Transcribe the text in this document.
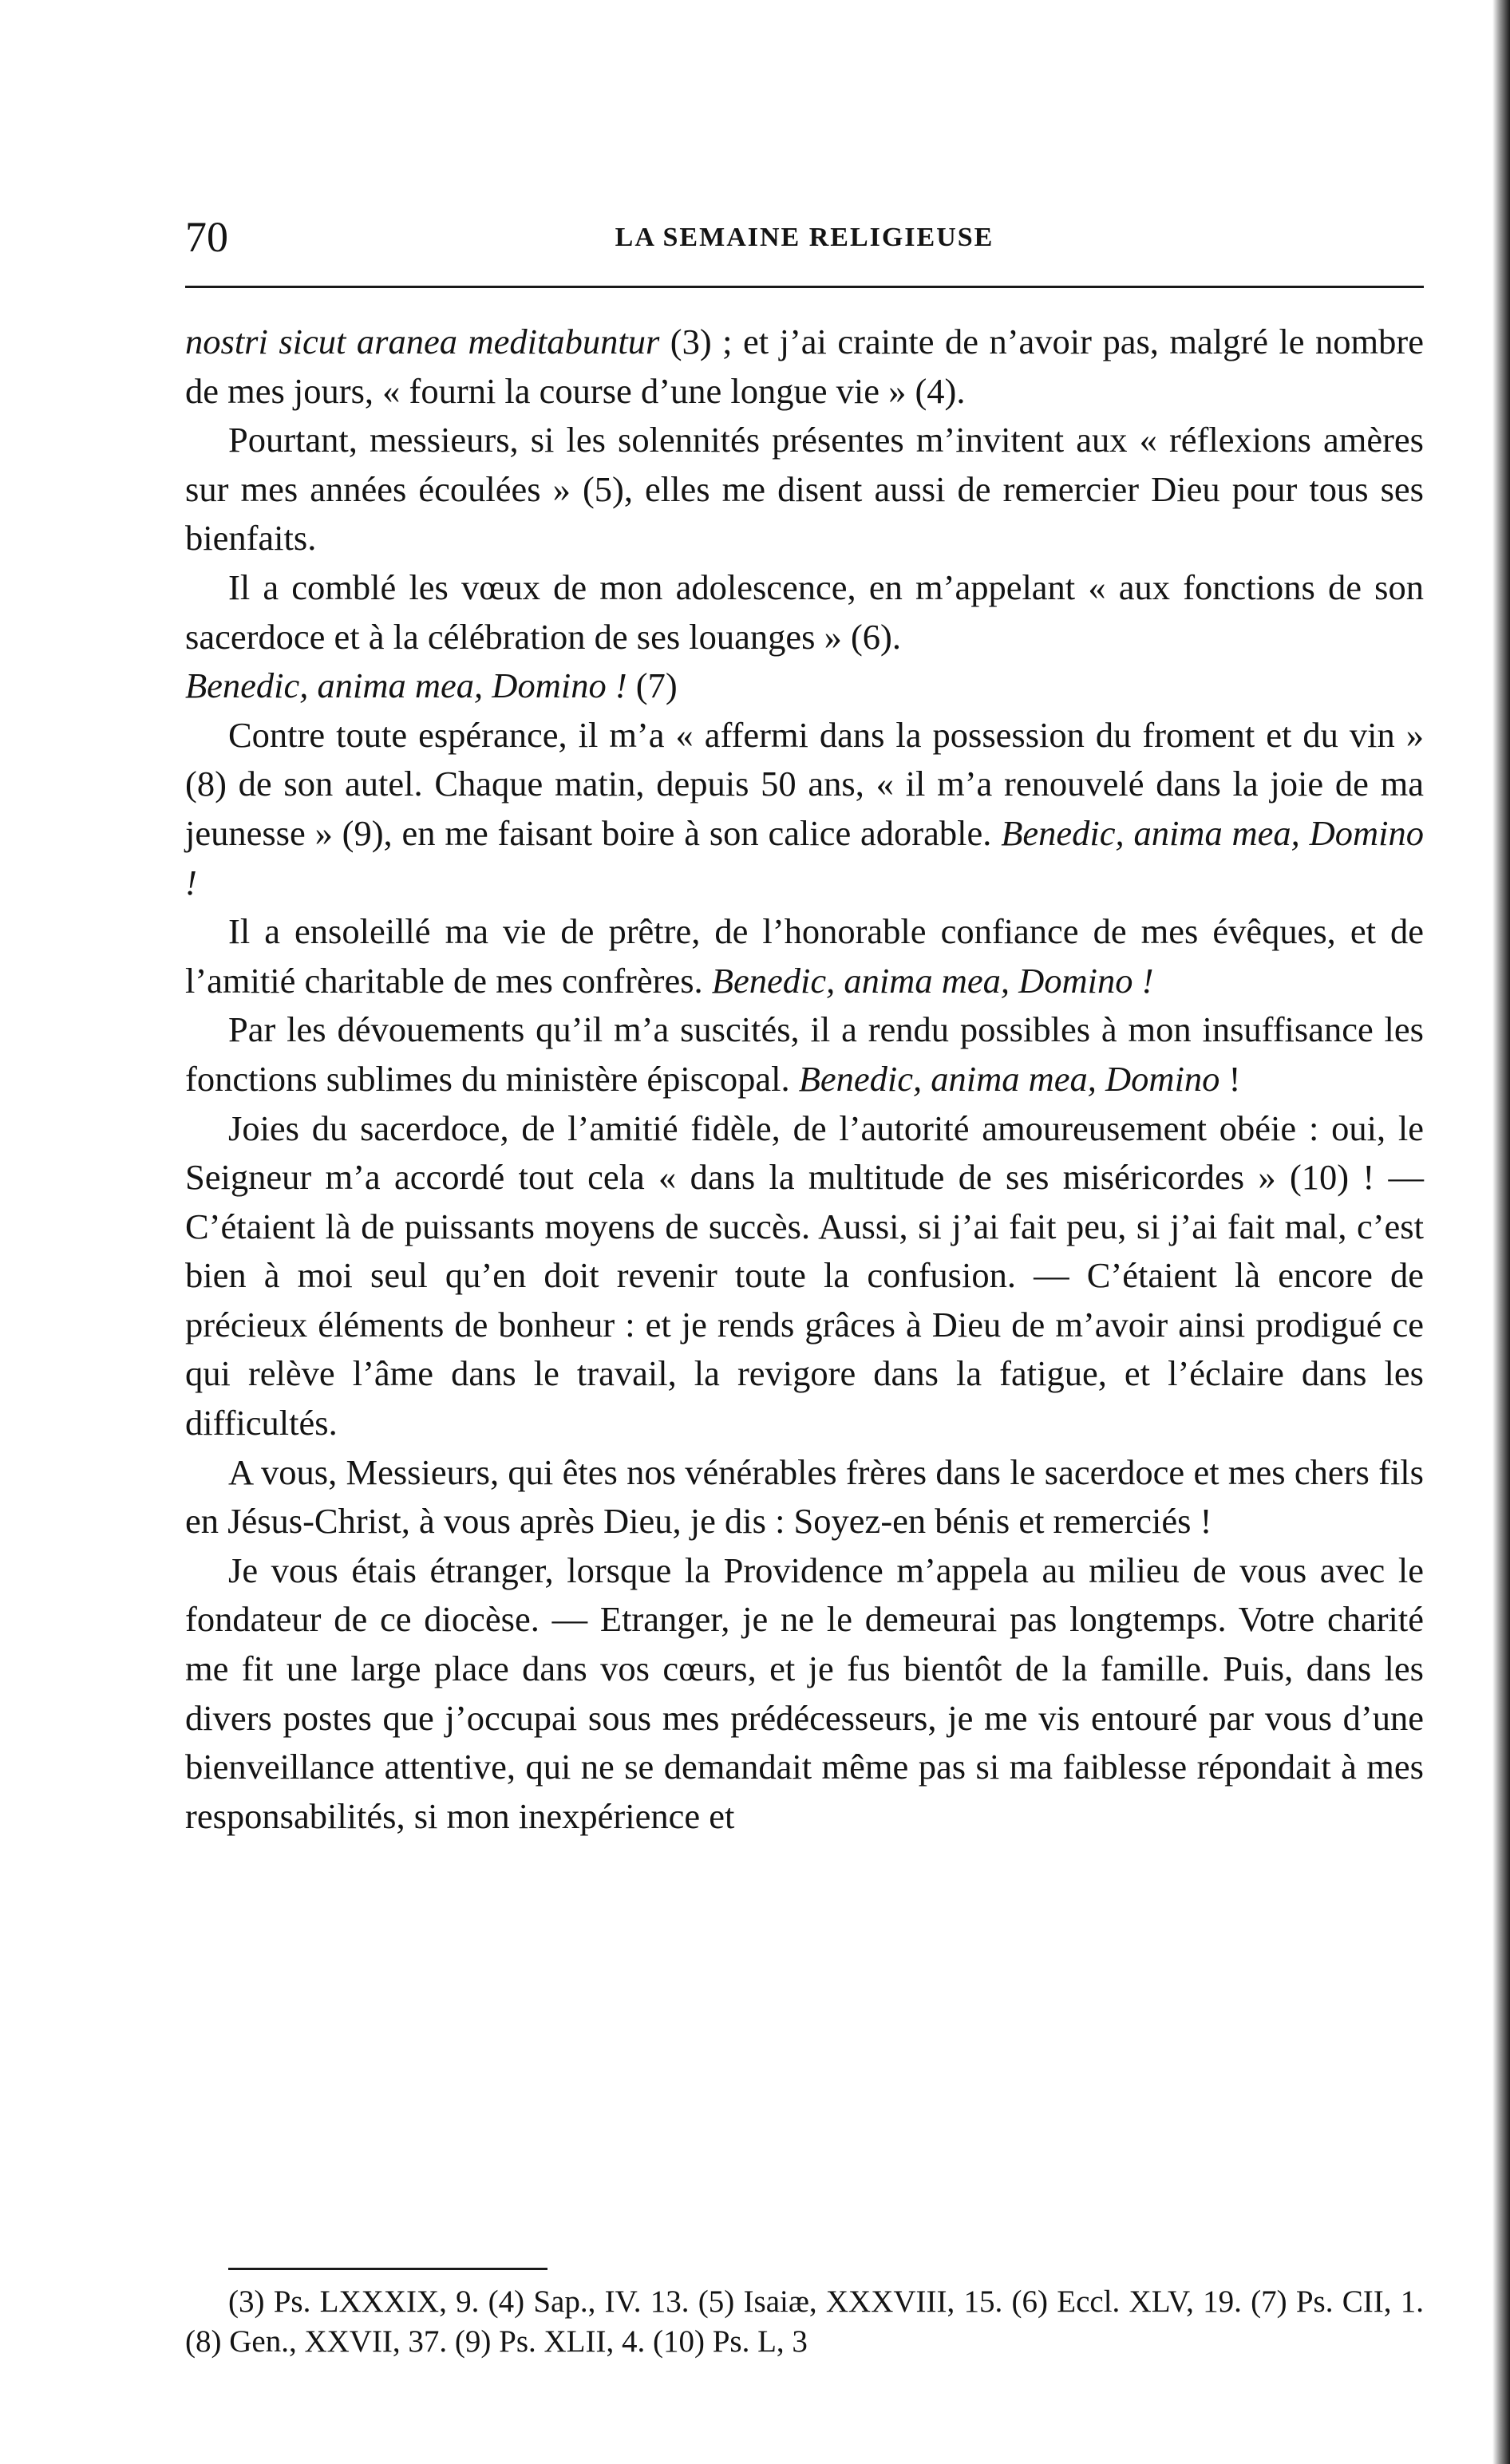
70	LA SEMAINE RELIGIEUSE

nostri sicut aranea meditabuntur (3) ; et j’ai crainte de n’avoir pas, malgré le nombre de mes jours, « fourni la course d’une longue vie » (4).

Pourtant, messieurs, si les solennités présentes m’invitent aux « réflexions amères sur mes années écoulées » (5), elles me disent aussi de remercier Dieu pour tous ses bienfaits.

Il a comblé les vœux de mon adolescence, en m’appelant « aux fonctions de son sacerdoce et à la célébration de ses louanges » (6).
Benedic, anima mea, Domino ! (7)

Contre toute espérance, il m’a « affermi dans la possession du froment et du vin » (8) de son autel. Chaque matin, depuis 50 ans, « il m’a renouvelé dans la joie de ma jeunesse » (9), en me faisant boire à son calice adorable. Benedic, anima mea, Domino !

Il a ensoleillé ma vie de prêtre, de l’honorable confiance de mes évêques, et de l’amitié charitable de mes confrères. Benedic, anima mea, Domino !

Par les dévouements qu’il m’a suscités, il a rendu possibles à mon insuffisance les fonctions sublimes du ministère épiscopal. Benedic, anima mea, Domino !

Joies du sacerdoce, de l’amitié fidèle, de l’autorité amoureusement obéie : oui, le Seigneur m’a accordé tout cela « dans la multitude de ses miséricordes » (10) ! —C’étaient là de puissants moyens de succès. Aussi, si j’ai fait peu, si j’ai fait mal, c’est bien à moi seul qu’en doit revenir toute la confusion. — C’étaient là encore de précieux éléments de bonheur : et je rends grâces à Dieu de m’avoir ainsi prodigué ce qui relève l’âme dans le travail, la revigore dans la fatigue, et l’éclaire dans les difficultés.

A vous, Messieurs, qui êtes nos vénérables frères dans le sacerdoce et mes chers fils en Jésus-Christ, à vous après Dieu, je dis : Soyez-en bénis et remerciés !

Je vous étais étranger, lorsque la Providence m’appela au milieu de vous avec le fondateur de ce diocèse. — Etranger, je ne le demeurai pas longtemps. Votre charité me fit une large place dans vos cœurs, et je fus bientôt de la famille. Puis, dans les divers postes que j’occupai sous mes prédécesseurs, je me vis entouré par vous d’une bienveillance attentive, qui ne se demandait même pas si ma faiblesse répondait à mes responsabilités, si mon inexpérience et

(3) Ps. LXXXIX, 9. (4) Sap., IV. 13. (5) Isaiæ, XXXVIII, 15. (6) Eccl. XLV, 19. (7) Ps. CII, 1. (8) Gen., XXVII, 37. (9) Ps. XLII, 4. (10) Ps. L, 3
